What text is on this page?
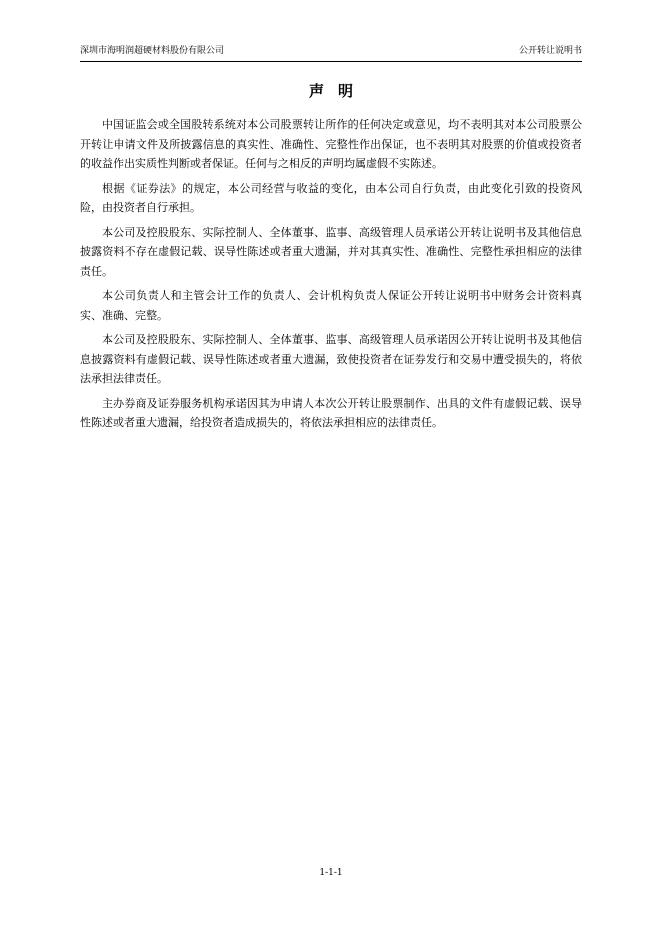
深圳市海明润超硬材料股份有限公司	公开转让说明书
声明

中国证监会或全国股转系统对本公司股票转让所作的任何决定或意见，均不表明其对本公司股票公开转让申请文件及所披露信息的真实性、准确性、完整性作出保证，也不表明其对股票的价值或投资者的收益作出实质性判断或者保证。任何与之相反的声明均属虚假不实陈述。

根据《证券法》的规定，本公司经营与收益的变化，由本公司自行负责，由此变化引致的投资风险，由投资者自行承担。

本公司及控股股东、实际控制人、全体董事、监事、高级管理人员承诺公开转让说明书及其他信息披露资料不存在虚假记载、误导性陈述或者重大遗漏，并对其真实性、准确性、完整性承担相应的法律责任。

本公司负责人和主管会计工作的负责人、会计机构负责人保证公开转让说明书中财务会计资料真实、准确、完整。

本公司及控股股东、实际控制人、全体董事、监事、高级管理人员承诺因公开转让说明书及其他信息披露资料有虚假记载、误导性陈述或者重大遗漏，致使投资者在证券发行和交易中遭受损失的，将依法承担法律责任。

主办券商及证券服务机构承诺因其为申请人本次公开转让股票制作、出具的文件有虚假记载、误导性陈述或者重大遗漏，给投资者造成损失的，将依法承担相应的法律责任。

1-1-1
